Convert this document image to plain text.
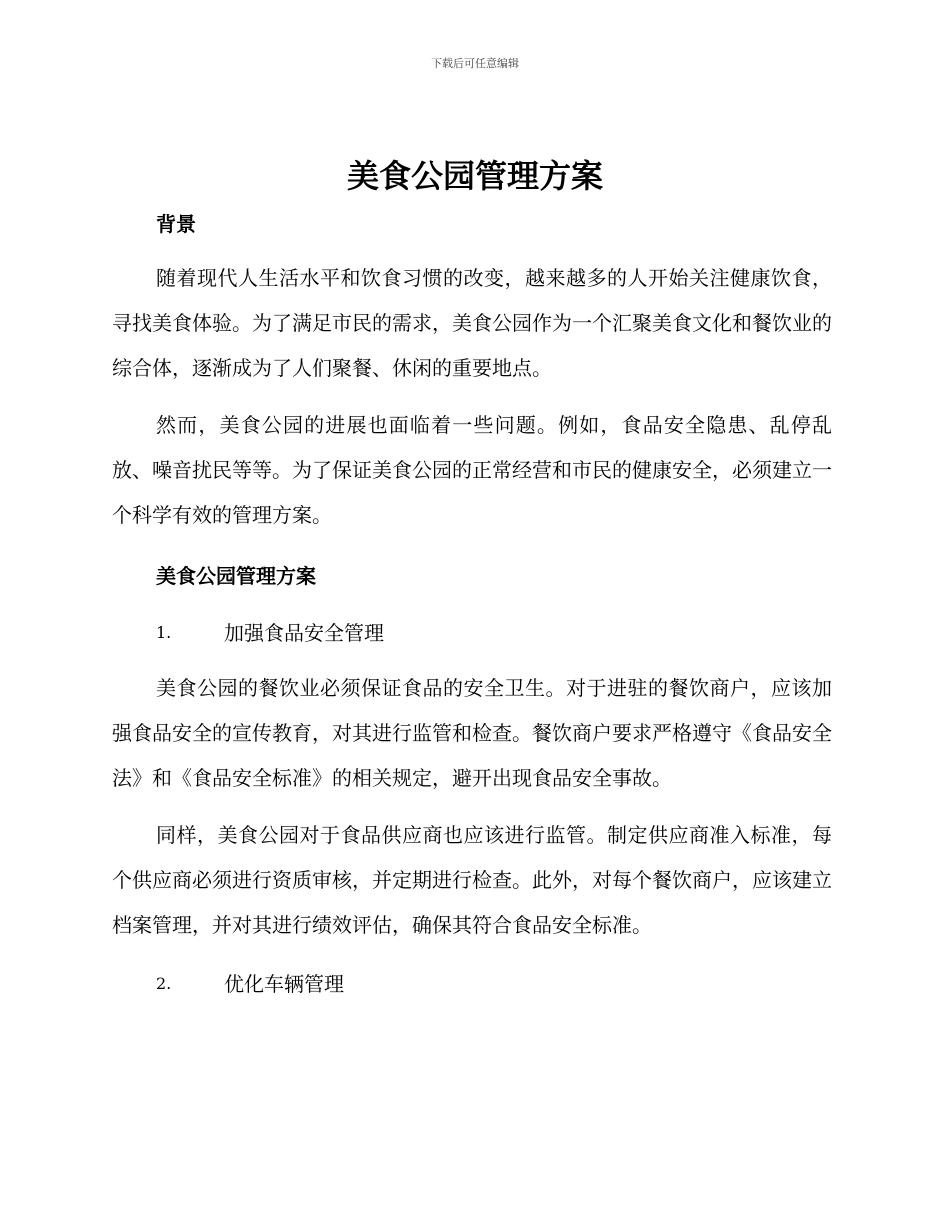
下载后可任意编辑
美食公园管理方案
背景

随着现代人生活水平和饮食习惯的改变，越来越多的人开始关注健康饮食，寻找美食体验。为了满足市民的需求，美食公园作为一个汇聚美食文化和餐饮业的综合体，逐渐成为了人们聚餐、休闲的重要地点。

然而，美食公园的进展也面临着一些问题。例如，食品安全隐患、乱停乱放、噪音扰民等等。为了保证美食公园的正常经营和市民的健康安全，必须建立一个科学有效的管理方案。

美食公园管理方案
1.	加强食品安全管理

美食公园的餐饮业必须保证食品的安全卫生。对于进驻的餐饮商户，应该加强食品安全的宣传教育，对其进行监管和检查。餐饮商户要求严格遵守《食品安全法》和《食品安全标准》的相关规定，避开出现食品安全事故。

同样，美食公园对于食品供应商也应该进行监管。制定供应商准入标准，每个供应商必须进行资质审核，并定期进行检查。此外，对每个餐饮商户，应该建立档案管理，并对其进行绩效评估，确保其符合食品安全标准。

2.	优化车辆管理
